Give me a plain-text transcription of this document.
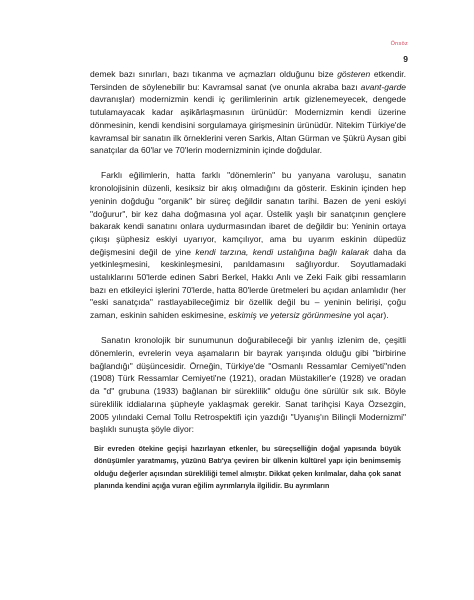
Önsöz
9

demek bazı sınırları, bazı tıkanma ve açmazları olduğunu bize gösteren etkendir. Tersinden de söylenebilir bu: Kavramsal sanat (ve onunla akraba bazı avant-garde davranışlar) modernizmin kendi iç gerilimlerinin artık gizlenemeyecek, dengede tutulamayacak kadar aşikârlaşmasının ürünüdür: Modernizmin kendi üzerine dönmesinin, kendi kendisini sorgulamaya girişmesinin ürünüdür. Nitekim Türkiye'de kavramsal bir sanatın ilk örneklerini veren Sarkis, Altan Gürman ve Şükrü Aysan gibi sanatçılar da 60'lar ve 70'lerin modernizminin içinde doğdular.

Farklı eğilimlerin, hatta farklı "dönemlerin" bu yanyana varoluşu, sanatın kronolojisinin düzenli, kesiksiz bir akış olmadığını da gösterir. Eskinin içinden hep yeninin doğduğu "organik" bir süreç değildir sanatın tarihi. Bazen de yeni eskiyi "doğurur", bir kez daha doğmasına yol açar. Üstelik yaşlı bir sanatçının gençlere bakarak kendi sanatını onlara uydurmasından ibaret de değildir bu: Yeninin ortaya çıkışı şüphesiz eskiyi uyarıyor, kamçılıyor, ama bu uyarım eskinin düpedüz değişmesini değil de yine kendi tarzına, kendi ustalığına bağlı kalarak daha da yetkinleşmesini, keskinleşmesini, parıldamasını sağlıyordur. Soyutlamadaki ustalıklarını 50'lerde edinen Sabri Berkel, Hakkı Anlı ve Zeki Faik gibi ressamların bazı en etkileyici işlerini 70'lerde, hatta 80'lerde üretmeleri bu açıdan anlamlıdır (her "eski sanatçıda" rastlayabileceğimiz bir özellik değil bu – yeninin belirişi, çoğu zaman, eskinin sahiden eskimesine, eskimiş ve yetersiz görünmesine yol açar).

Sanatın kronolojik bir sunumunun doğurabileceği bir yanlış izlenim de, çeşitli dönemlerin, evrelerin veya aşamaların bir bayrak yarışında olduğu gibi "birbirine bağlandığı" düşüncesidir. Örneğin, Türkiye'de "Osmanlı Ressamlar Cemiyeti"nden (1908) Türk Ressamlar Cemiyeti'ne (1921), oradan Müstakiller'e (1928) ve oradan da "d" grubuna (1933) bağlanan bir süreklilik" olduğu öne sürülür sık sık. Böyle süreklilik iddialarına şüpheyle yaklaşmak gerekir. Sanat tarihçisi Kaya Özsezgin, 2005 yılındaki Cemal Tollu Retrospektifi için yazdığı "Uyanış'ın Bilinçli Modernizmi" başlıklı sunuşta şöyle diyor:

Bir evreden ötekine geçişi hazırlayan etkenler, bu süreçselliğin doğal yapısında büyük dönüşümler yaratmamış, yüzünü Batı'ya çeviren bir ülkenin kültürel yapı için benimsemiş olduğu değerler açısından sürekliliği temel almıştır. Dikkat çeken kırılmalar, daha çok sanat planında kendini açığa vuran eğilim ayrımlarıyla ilgilidir. Bu ayrımların
